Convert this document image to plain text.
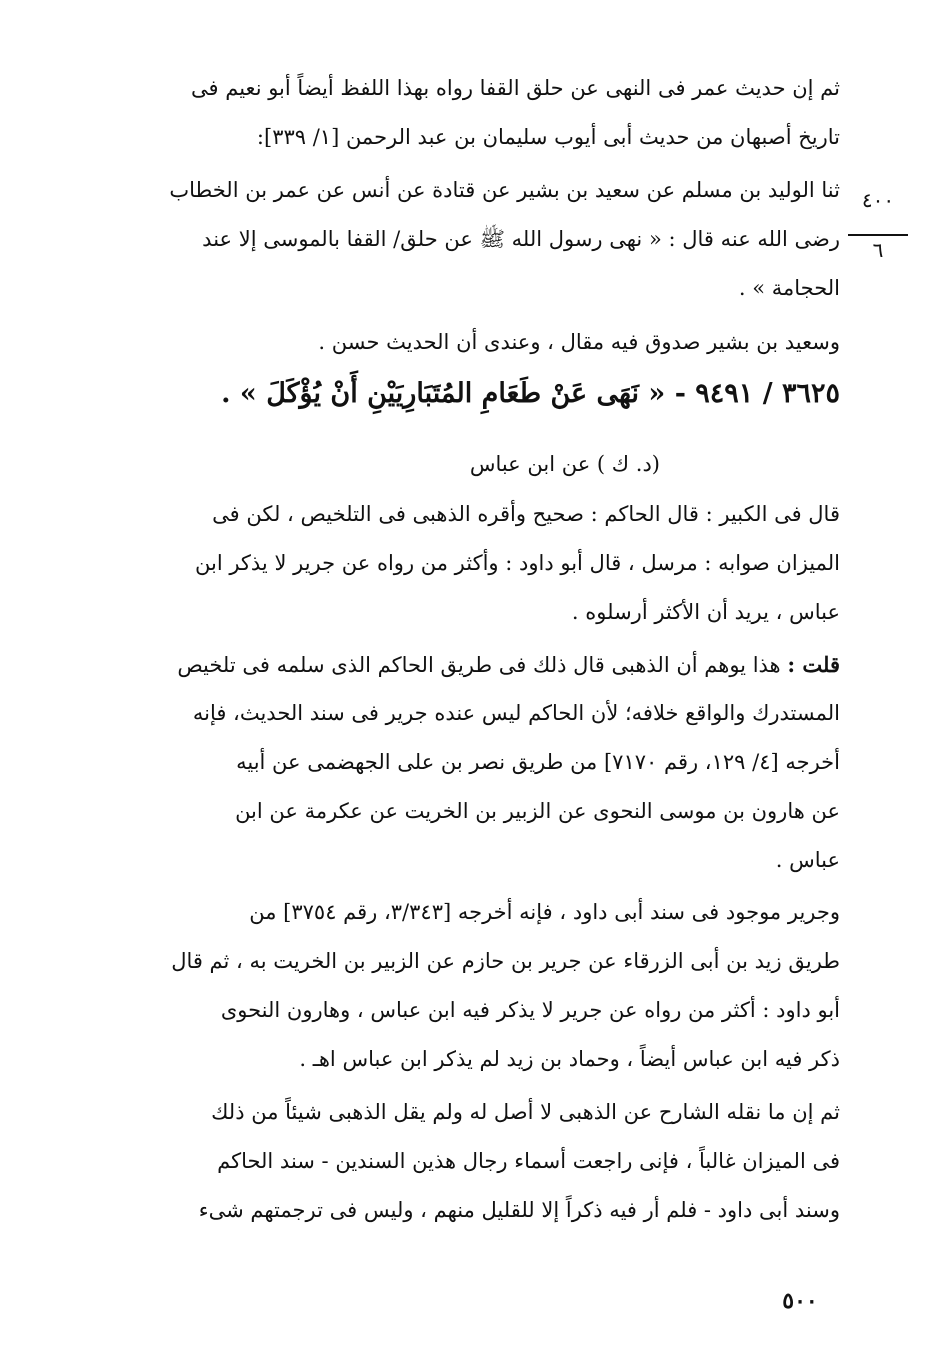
ثم إن حديث عمر فى النهى عن حلق القفا رواه بهذا اللفظ أيضاً أبو نعيم فى
تاريخ أصبهان من حديث أبى أيوب سليمان بن عبد الرحمن [١/ ٣٣٩]:
ثنا الوليد بن مسلم عن سعيد بن بشير عن قتادة عن أنس عن عمر بن الخطاب
رضى الله عنه قال : « نهى رسول الله ﷺ عن حلق/ القفا بالموسى إلا عند
الحجامة » .
٤٠٠
٦
وسعيد بن بشير صدوق فيه مقال ، وعندى أن الحديث حسن .
٣٦٢٥ / ٩٤٩١ - « نَهَى عَنْ طَعَامِ المُتَبَارِيَيْنِ أَنْ يُؤْكَلَ » .
(د. ك ) عن ابن عباس
قال فى الكبير : قال الحاكم : صحيح وأقره الذهبى فى التلخيص ، لكن فى
الميزان صوابه : مرسل ، قال أبو داود : وأكثر من رواه عن جرير لا يذكر ابن
عباس ، يريد أن الأكثر أرسلوه .
قلت : هذا يوهم أن الذهبى قال ذلك فى طريق الحاكم الذى سلمه فى تلخيص
المستدرك والواقع خلافه؛ لأن الحاكم ليس عنده جرير فى سند الحديث، فإنه
أخرجه [٤/ ١٢٩، رقم ٧١٧٠] من طريق نصر بن على الجهضمى عن أبيه
عن هارون بن موسى النحوى عن الزبير بن الخريت عن عكرمة عن ابن
عباس .
وجرير موجود فى سند أبى داود ، فإنه أخرجه [٣/٣٤٣، رقم ٣٧٥٤] من
طريق زيد بن أبى الزرقاء عن جرير بن حازم عن الزبير بن الخريت به ، ثم قال
أبو داود : أكثر من رواه عن جرير لا يذكر فيه ابن عباس ، وهارون النحوى
ذكر فيه ابن عباس أيضاً ، وحماد بن زيد لم يذكر ابن عباس اهـ .
ثم إن ما نقله الشارح عن الذهبى لا أصل له ولم يقل الذهبى شيئاً من ذلك
فى الميزان غالباً ، فإنى راجعت أسماء رجال هذين السندين - سند الحاكم
وسند أبى داود - فلم أر فيه ذكراً إلا للقليل منهم ، وليس فى ترجمتهم شىء
٥٠٠
